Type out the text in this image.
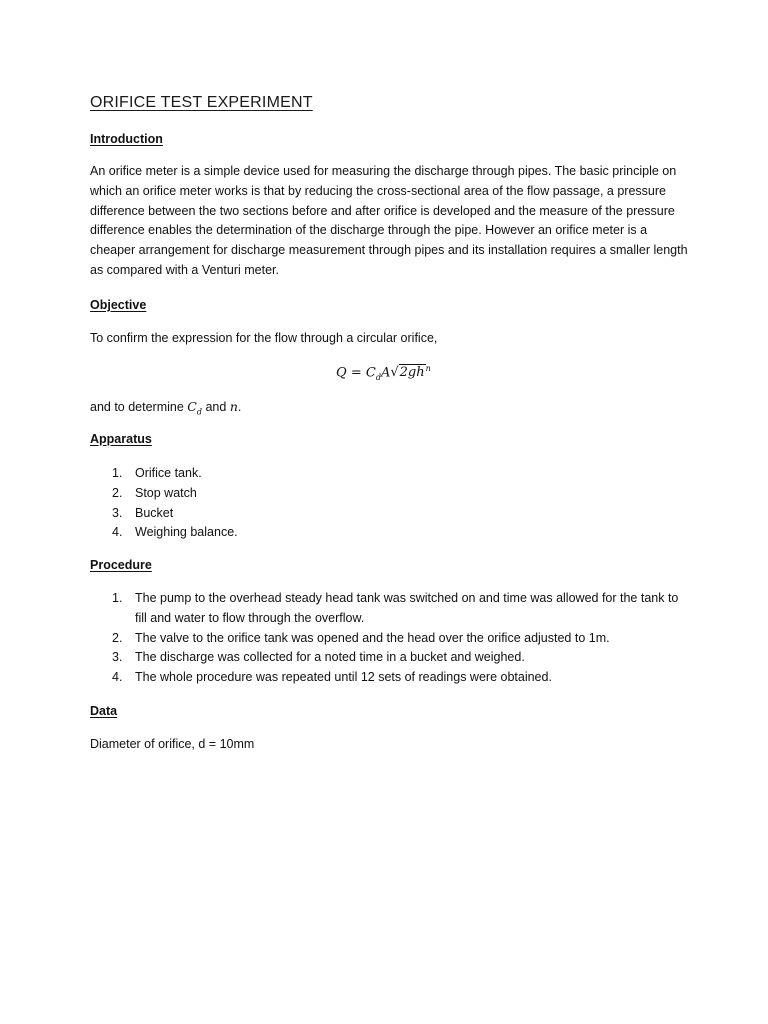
ORIFICE TEST EXPERIMENT
Introduction

An orifice meter is a simple device used for measuring the discharge through pipes. The basic principle on which an orifice meter works is that by reducing the cross-sectional area of the flow passage, a pressure difference between the two sections before and after orifice is developed and the measure of the pressure difference enables the determination of the discharge through the pipe. However an orifice meter is a cheaper arrangement for discharge measurement through pipes and its installation requires a smaller length as compared with a Venturi meter.

Objective

To confirm the expression for the flow through a circular orifice,

$Q = C_dA√2gh^n$

and to determine $C_d$ and n.

Apparatus
1. Orifice tank.
2. Stop watch
3. Bucket
4. Weighing balance.
Procedure
1. The pump to the overhead steady head tank was switched on and time was allowed for the tank to fill and water to flow through the overflow.
2. The valve to the orifice tank was opened and the head over the orifice adjusted to 1m.
3. The discharge was collected for a noted time in a bucket and weighed.
4. The whole procedure was repeated until 12 sets of readings were obtained.
Data

Diameter of orifice, d = 10mm
